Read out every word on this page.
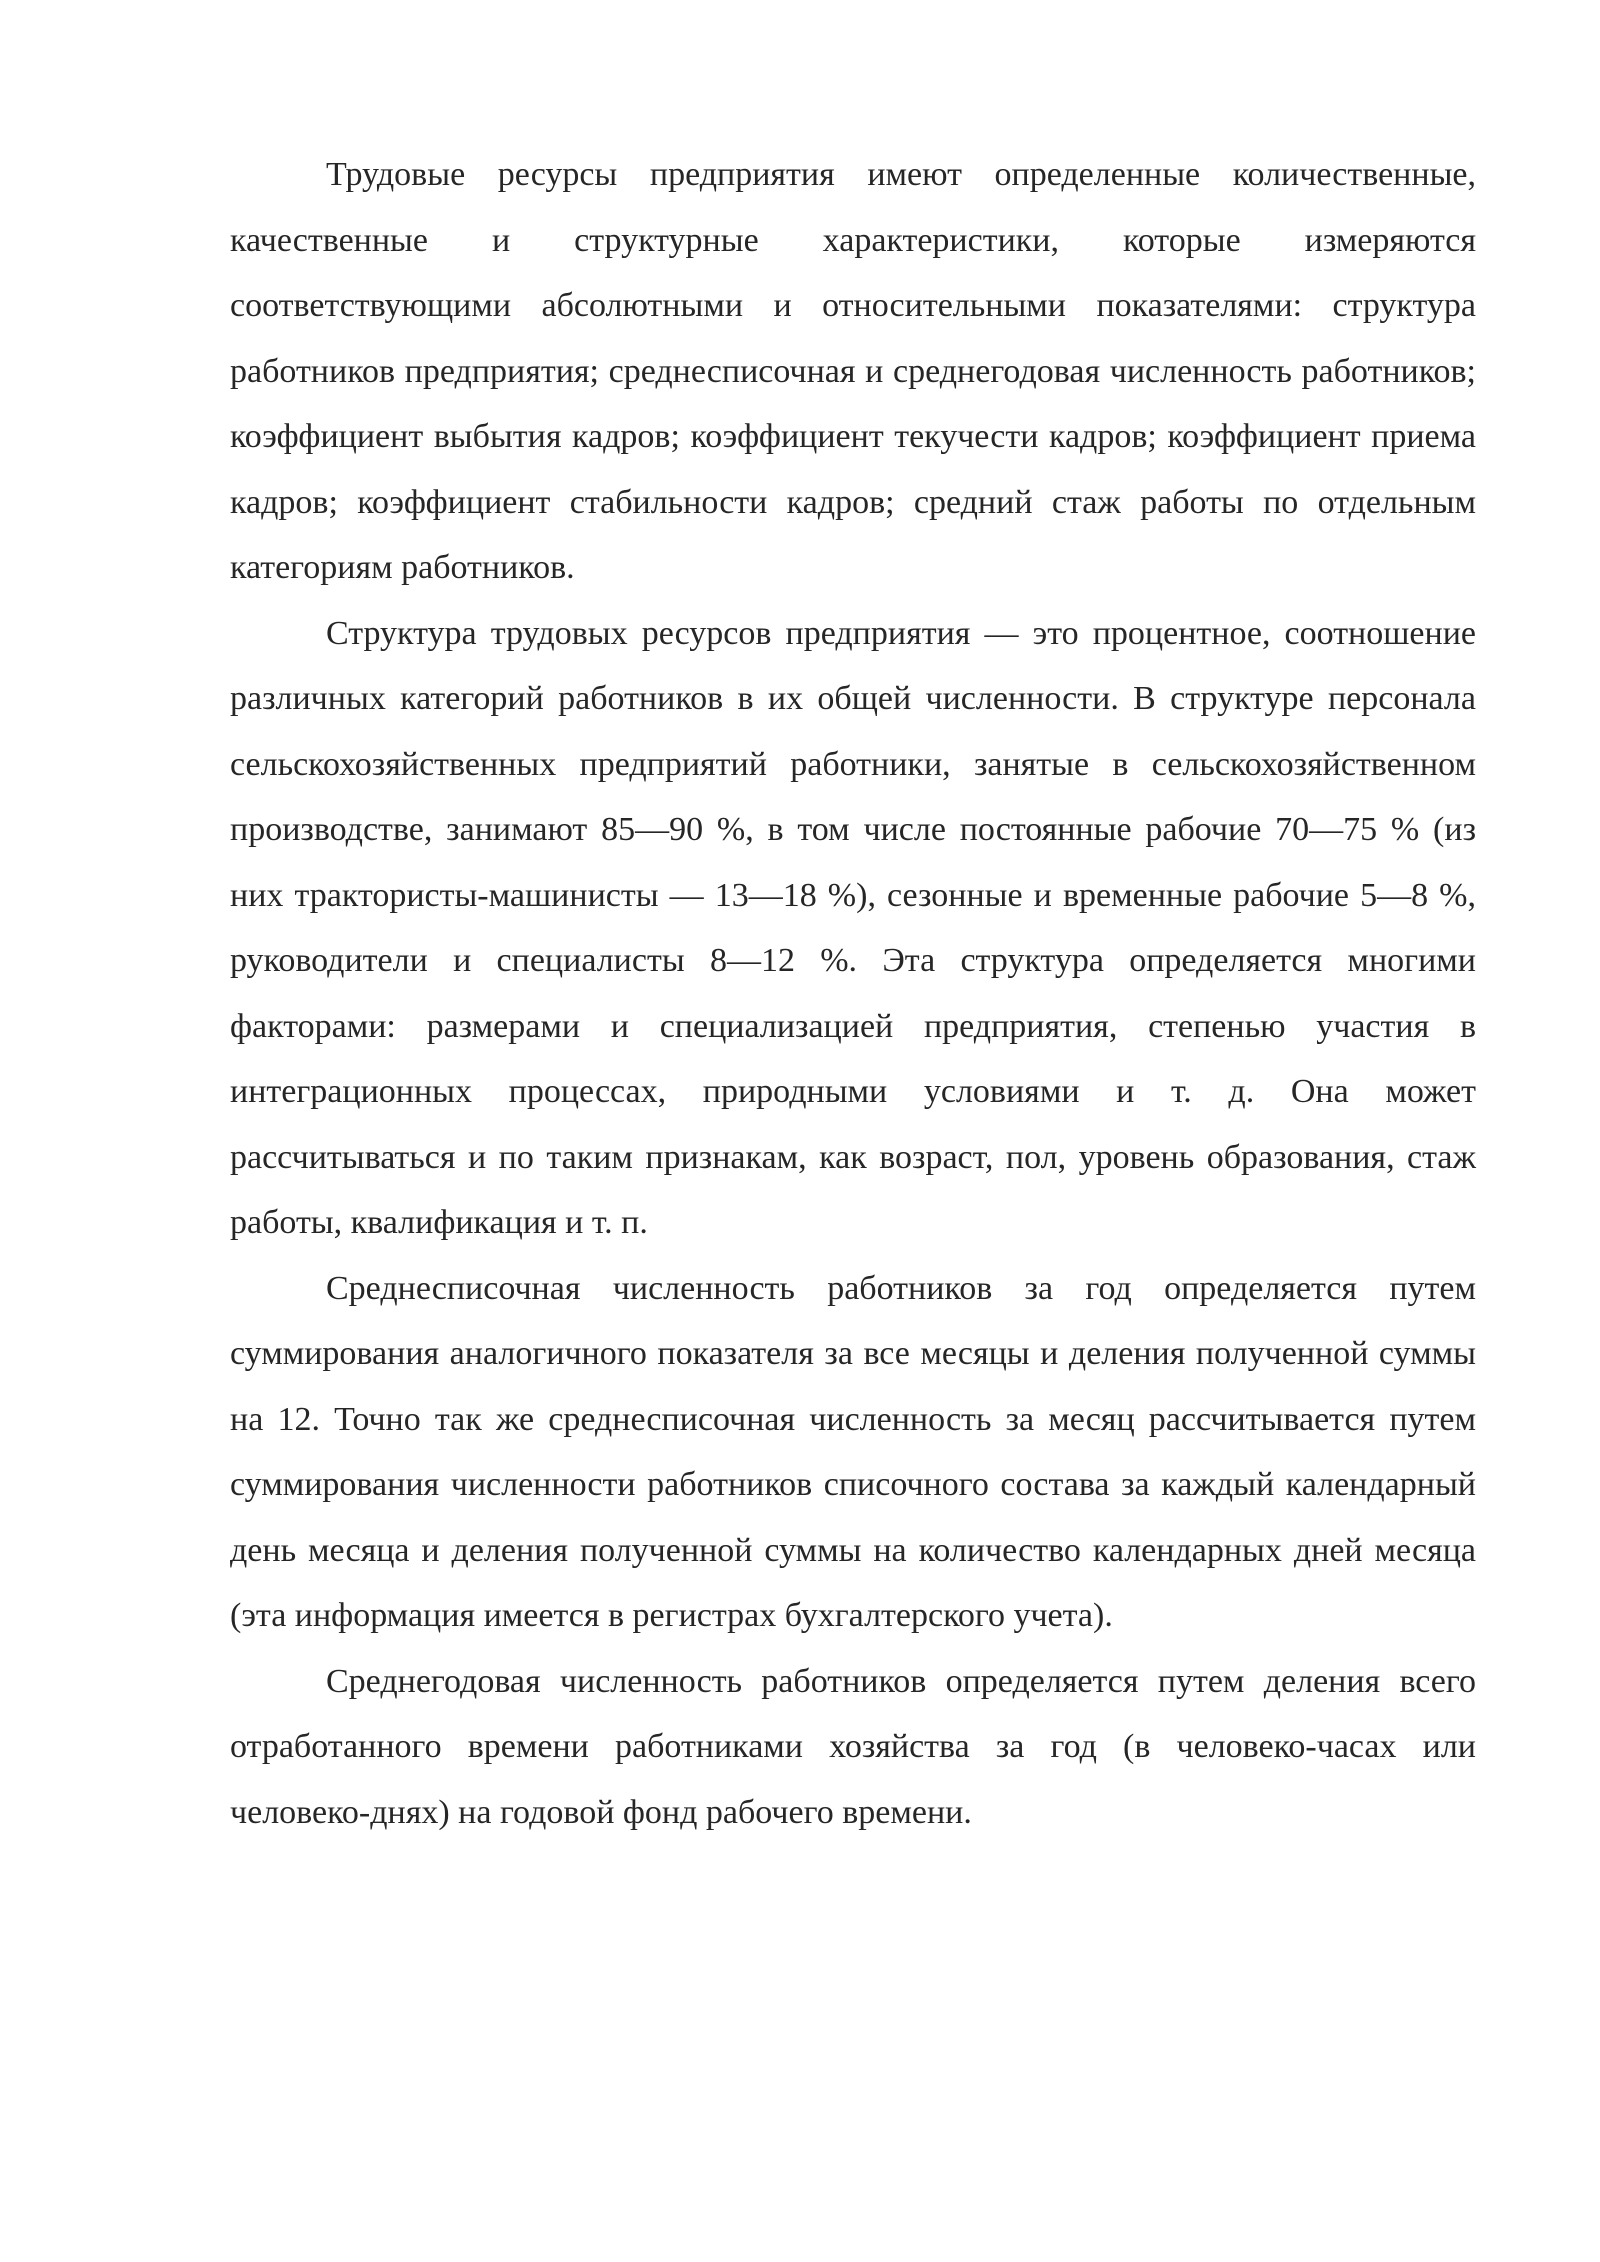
Трудовые ресурсы предприятия имеют определенные количественные, качественные и структурные характеристики, которые измеряются соответствующими абсолютными и относительными показателями: структура работников предприятия; среднесписочная и среднегодовая численность работников; коэффициент выбытия кадров; коэффициент текучести кадров; коэффициент приема кадров; коэффициент стабильности кадров; средний стаж работы по отдельным категориям работников.

Структура трудовых ресурсов предприятия — это процентное, соотношение различных категорий работников в их общей численности. В структуре персонала сельскохозяйственных предприятий работники, занятые в сельскохозяйственном производстве, занимают 85—90 %, в том числе постоянные рабочие 70—75 % (из них трактористы-машинисты — 13—18 %), сезонные и временные рабочие 5—8 %, руководители и специалисты 8—12 %. Эта структура определяется многими факторами: размерами и специализацией предприятия, степенью участия в интеграционных процессах, природными условиями и т. д. Она может рассчитываться и по таким признакам, как возраст, пол, уровень образования, стаж работы, квалификация и т. п.

Среднесписочная численность работников за год определяется путем суммирования аналогичного показателя за все месяцы и деления полученной суммы на 12. Точно так же среднесписочная численность за месяц рассчитывается путем суммирования численности работников списочного состава за каждый календарный день месяца и деления полученной суммы на количество календарных дней месяца (эта информация имеется в регистрах бухгалтерского учета).

Среднегодовая численность работников определяется путем деления всего отработанного времени работниками хозяйства за год (в человеко-часах или человеко-днях) на годовой фонд рабочего времени.
